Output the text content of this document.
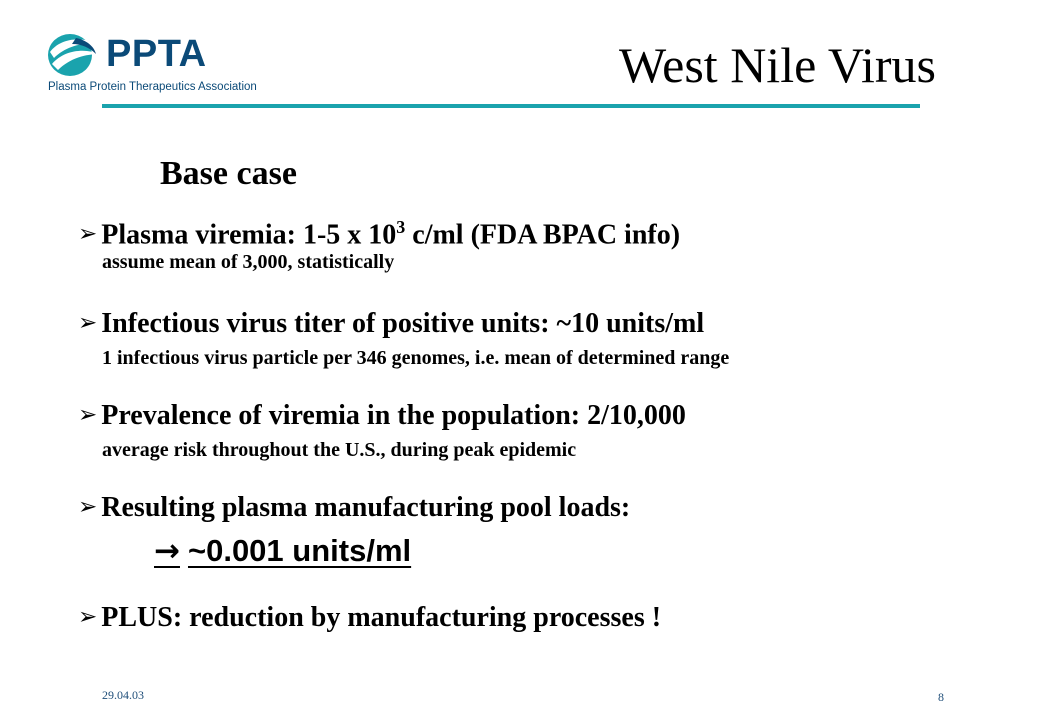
PPTA
Plasma Protein Therapeutics Association	West Nile Virus
Base case
➢ Plasma viremia: 1-5 x $10^3$ c/ml (FDA BPAC info)
assume mean of 3,000, statistically
➢ Infectious virus titer of positive units: ~10 units/ml
1 infectious virus particle per 346 genomes, i.e. mean of determined range
➢ Prevalence of viremia in the population: 2/10,000
average risk throughout the U.S., during peak epidemic
➢ Resulting plasma manufacturing pool loads:
→ ~0.001 units/ml
➢ PLUS: reduction by manufacturing processes !
29.04.03	8
